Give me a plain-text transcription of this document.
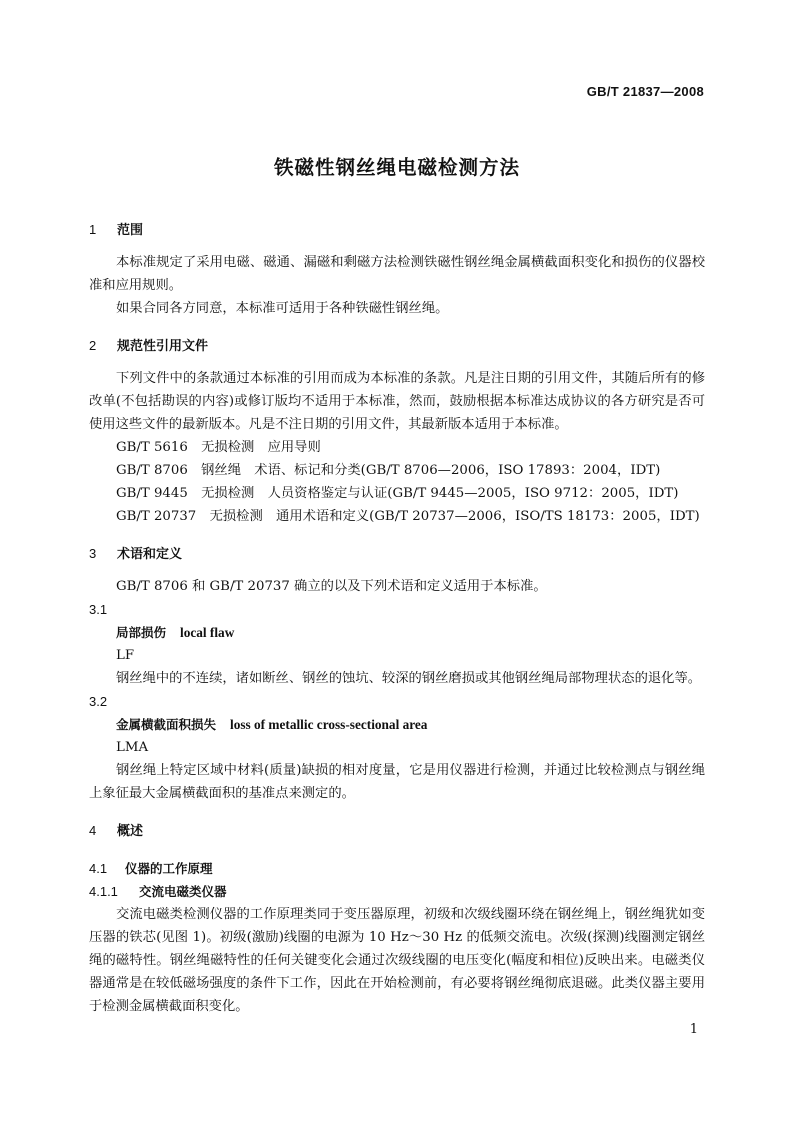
GB/T 21837—2008
铁磁性钢丝绳电磁检测方法

1 范围

本标准规定了采用电磁、磁通、漏磁和剩磁方法检测铁磁性钢丝绳金属横截面积变化和损伤的仪器校准和应用规则。

如果合同各方同意，本标准可适用于各种铁磁性钢丝绳。

2 规范性引用文件

下列文件中的条款通过本标准的引用而成为本标准的条款。凡是注日期的引用文件，其随后所有的修改单(不包括勘误的内容)或修订版均不适用于本标准，然而，鼓励根据本标准达成协议的各方研究是否可使用这些文件的最新版本。凡是不注日期的引用文件，其最新版本适用于本标准。

GB/T 5616　无损检测　应用导则

GB/T 8706　钢丝绳　术语、标记和分类(GB/T 8706—2006，ISO 17893：2004，IDT)

GB/T 9445　无损检测　人员资格鉴定与认证(GB/T 9445—2005，ISO 9712：2005，IDT)

GB/T 20737　无损检测　通用术语和定义(GB/T 20737—2006，ISO/TS 18173：2005，IDT)

3 术语和定义

GB/T 8706 和 GB/T 20737 确立的以及下列术语和定义适用于本标准。

3.1

局部损伤 local flaw

LF

钢丝绳中的不连续，诸如断丝、钢丝的蚀坑、较深的钢丝磨损或其他钢丝绳局部物理状态的退化等。

3.2

金属横截面积损失 loss of metallic cross-sectional area

LMA

钢丝绳上特定区域中材料(质量)缺损的相对度量，它是用仪器进行检测，并通过比较检测点与钢丝绳上象征最大金属横截面积的基准点来测定的。

4 概述

4.1 仪器的工作原理

4.1.1 交流电磁类仪器

交流电磁类检测仪器的工作原理类同于变压器原理，初级和次级线圈环绕在钢丝绳上，钢丝绳犹如变压器的铁芯(见图 1)。初级(激励)线圈的电源为 10 Hz～30 Hz 的低频交流电。次级(探测)线圈测定钢丝绳的磁特性。钢丝绳磁特性的任何关键变化会通过次级线圈的电压变化(幅度和相位)反映出来。电磁类仪器通常是在较低磁场强度的条件下工作，因此在开始检测前，有必要将钢丝绳彻底退磁。此类仪器主要用于检测金属横截面积变化。

1
